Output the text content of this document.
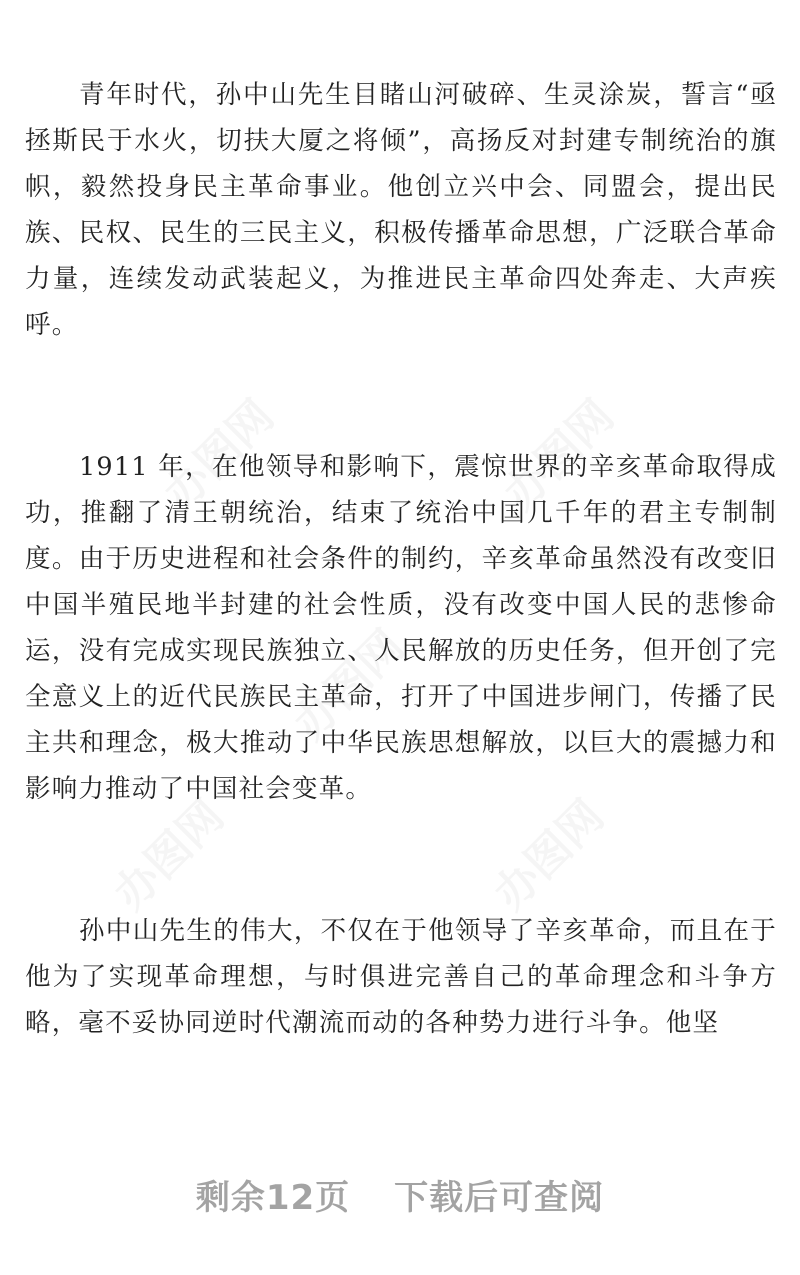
办图网	办图网
办图网
办图网
办图网

青年时代，孙中山先生目睹山河破碎、生灵涂炭，誓言“亟拯斯民于水火，切扶大厦之将倾”，高扬反对封建专制统治的旗帜，毅然投身民主革命事业。他创立兴中会、同盟会，提出民族、民权、民生的三民主义，积极传播革命思想，广泛联合革命力量，连续发动武装起义，为推进民主革命四处奔走、大声疾呼。

1911 年，在他领导和影响下，震惊世界的辛亥革命取得成功，推翻了清王朝统治，结束了统治中国几千年的君主专制制度。由于历史进程和社会条件的制约，辛亥革命虽然没有改变旧中国半殖民地半封建的社会性质，没有改变中国人民的悲惨命运，没有完成实现民族独立、人民解放的历史任务，但开创了完全意义上的近代民族民主革命，打开了中国进步闸门，传播了民主共和理念，极大推动了中华民族思想解放，以巨大的震撼力和影响力推动了中国社会变革。

孙中山先生的伟大，不仅在于他领导了辛亥革命，而且在于他为了实现革命理想，与时俱进完善自己的革命理念和斗争方略，毫不妥协同逆时代潮流而动的各种势力进行斗争。他坚

剩余12页 下载后可查阅
